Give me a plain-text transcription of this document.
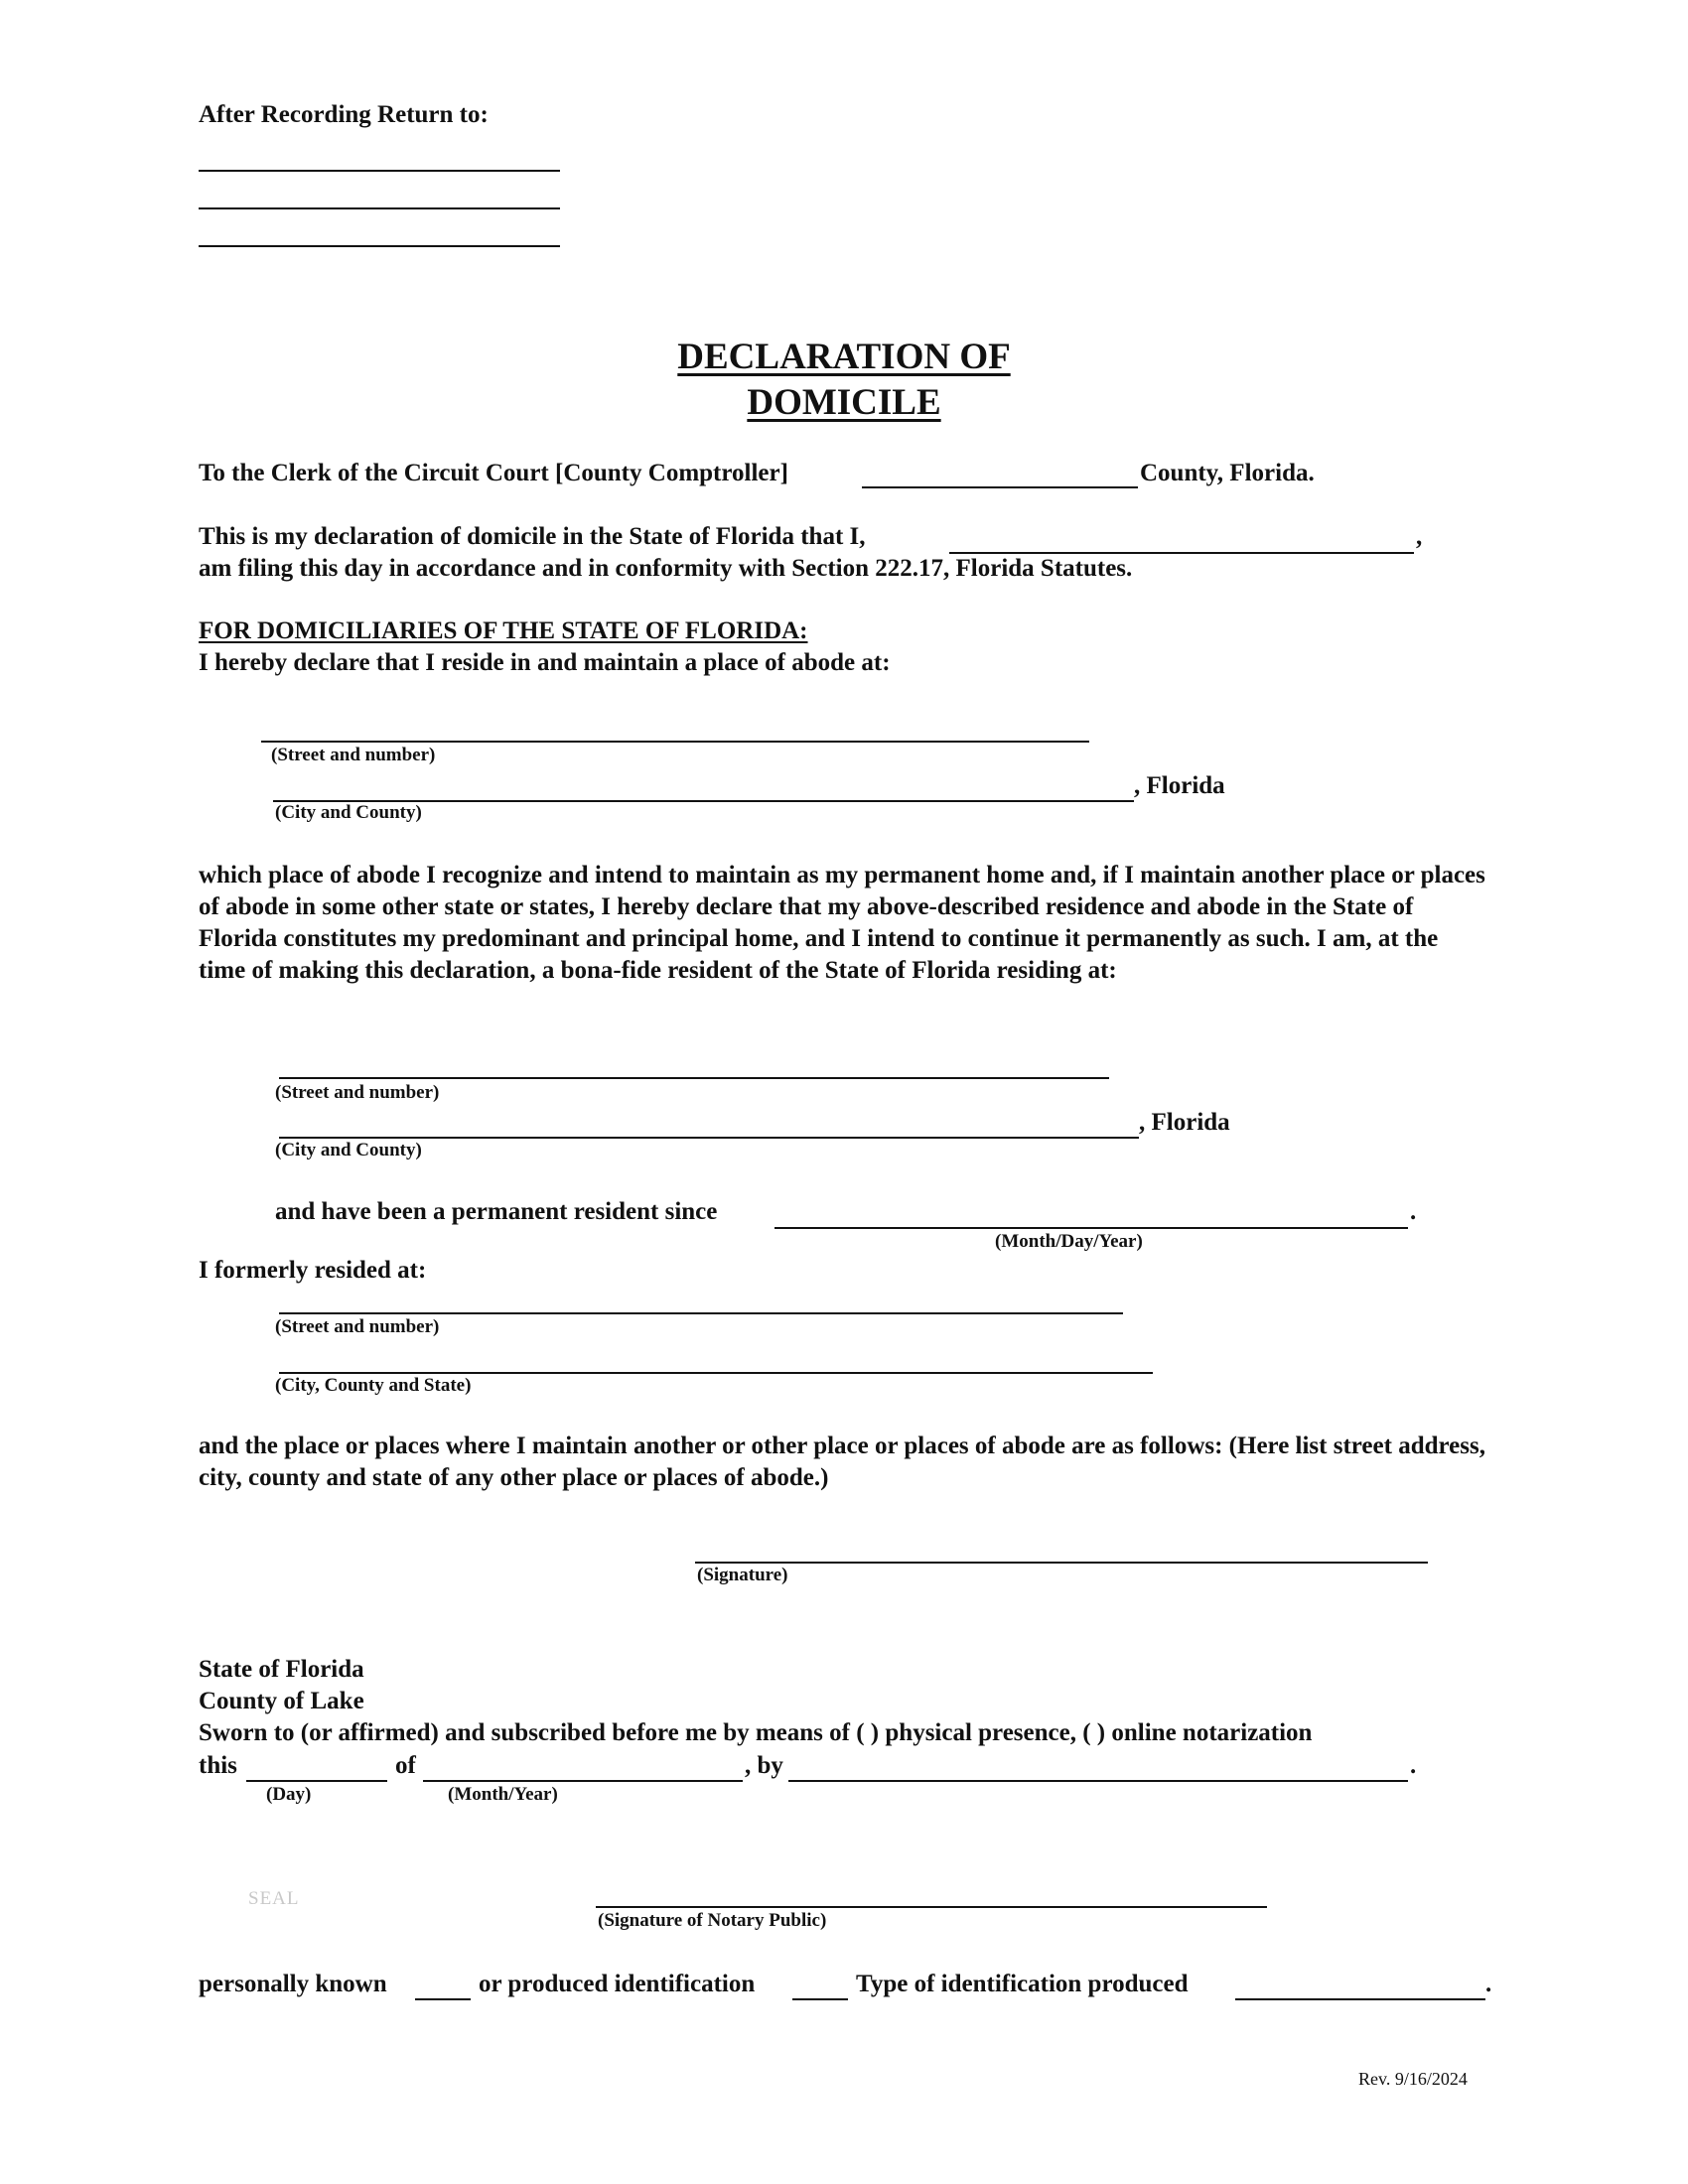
After Recording Return to:
DECLARATION OF
DOMICILE
To the Clerk of the Circuit Court [County Comptroller]	County, Florida.
This is my declaration of domicile in the State of Florida that I,	,
am filing this day in accordance and in conformity with Section 222.17, Florida Statutes.
FOR DOMICILIARIES OF THE STATE OF FLORIDA:
I hereby declare that I reside in and maintain a place of abode at:
(Street and number)
, Florida
(City and County)
which place of abode I recognize and intend to maintain as my permanent home and, if I maintain another place or places of abode in some other state or states, I hereby declare that my above-described residence and abode in the State of Florida constitutes my predominant and principal home, and I intend to continue it permanently as such. I am, at the time of making this declaration, a bona-fide resident of the State of Florida residing at:
(Street and number)
, Florida
(City and County)
and have been a permanent resident since	.
(Month/Day/Year)
I formerly resided at:
(Street and number)
(City, County and State)
and the place or places where I maintain another or other place or places of abode are as follows: (Here list street address, city, county and state of any other place or places of abode.)
(Signature)
State of Florida
County of Lake
Sworn to (or affirmed) and subscribed before me by means of ( ) physical presence, ( ) online notarization
this	of	, by	.
(Day)	(Month/Year)
SEAL
(Signature of Notary Public)
personally known	or produced identification	Type of identification produced	.
Rev. 9/16/2024
